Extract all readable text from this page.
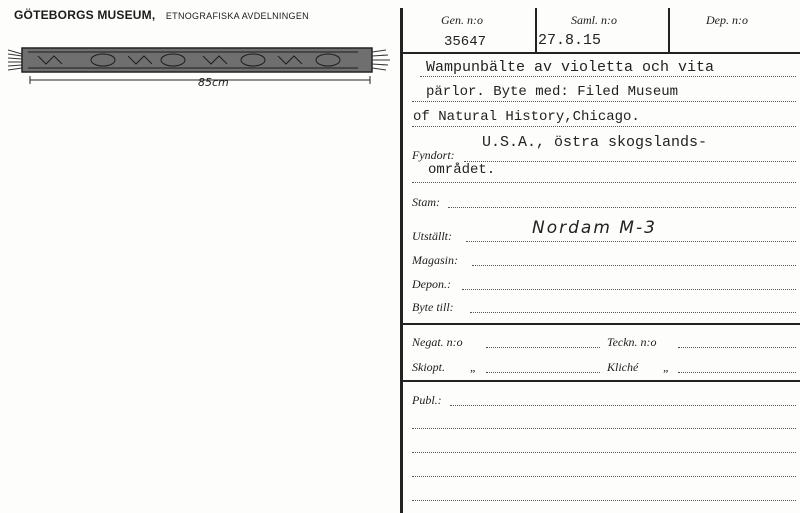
GÖTEBORGS MUSEUM, ETNOGRAFISKA AVDELNINGEN
85cm
Gen. n:o
35647
Saml. n:o
27.8.15
Dep. n:o
Wampunbälte av violetta och vita
pärlor. Byte med: Filed Museum
of Natural History,Chicago.
Fyndort:
U.S.A., östra skogslands-
området.
Stam:
Utställt:	Nordam M-3
Magasin:
Depon.:
Byte till:
Negat. n:o	Teckn. n:o
Skiopt. „	Kliché „
Publ.:
